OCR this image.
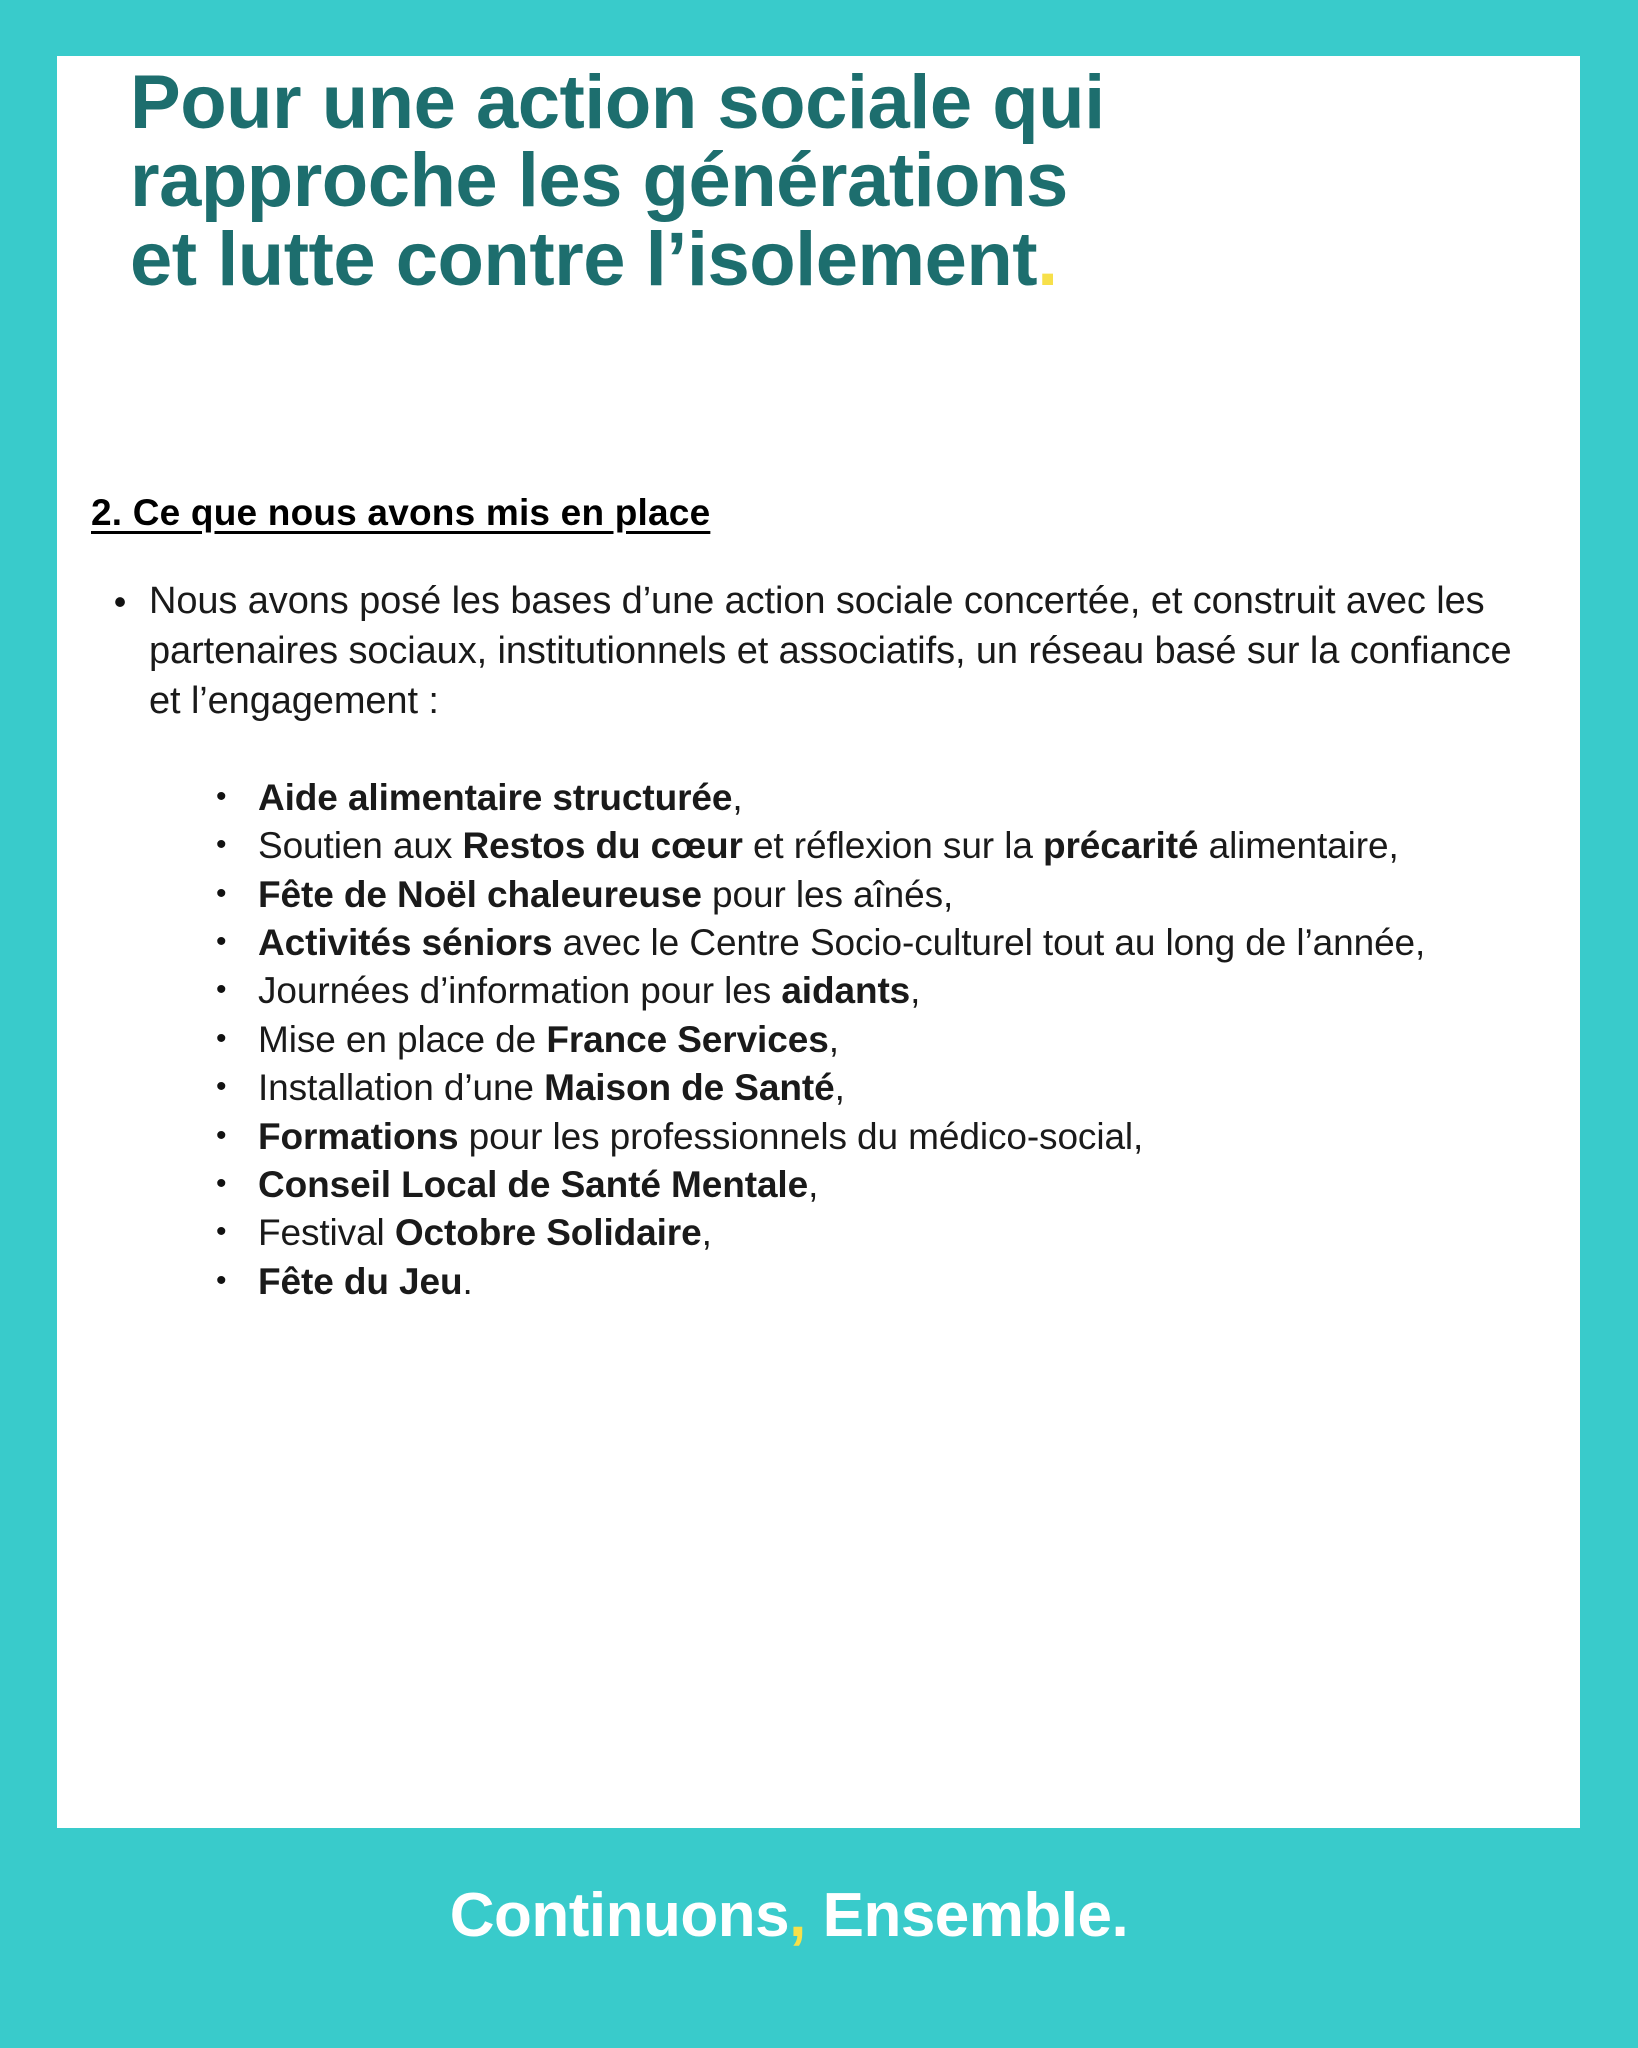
Pour une action sociale qui
rapproche les générations
et lutte contre l’isolement.
2. Ce que nous avons mis en place
• Nous avons posé les bases d’une action sociale concertée, et construit avec les partenaires sociaux, institutionnels et associatifs, un réseau basé sur la confiance et l’engagement :
• Aide alimentaire structurée,
• Soutien aux Restos du cœur et réflexion sur la précarité alimentaire,
• Fête de Noël chaleureuse pour les aînés,
• Activités séniors avec le Centre Socio-culturel tout au long de l’année,
• Journées d’information pour les aidants,
• Mise en place de France Services,
• Installation d’une Maison de Santé,
• Formations pour les professionnels du médico-social,
• Conseil Local de Santé Mentale,
• Festival Octobre Solidaire,
• Fête du Jeu.
Continuons, Ensemble.
